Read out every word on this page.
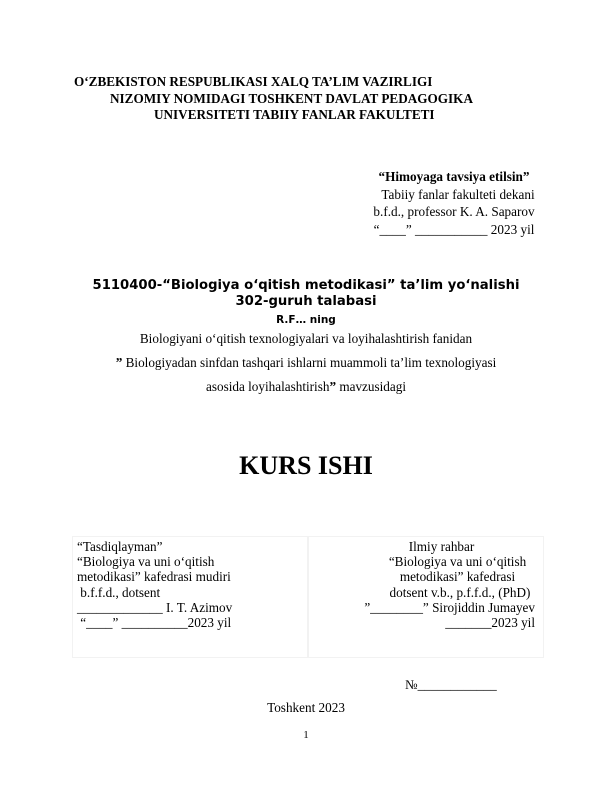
O‘ZBEKISTON RESPUBLIKASI XALQ TA’LIM VAZIRLIGI
NIZOMIY NOMIDAGI TOSHKENT DAVLAT PEDAGOGIKA
UNIVERSITETI TABIIY FANLAR FAKULTETI
“Himoyaga tavsiya etilsin”
Tabiiy fanlar fakulteti dekani
b.f.d., professor K. A. Saparov
“____” ___________ 2023 yil
5110400-“Biologiya o‘qitish metodikasi” ta’lim yo‘nalishi
302-guruh talabasi
R.F… ning
Biologiyani o‘qitish texnologiyalari va loyihalashtirish fanidan
” Biologiyadan sinfdan tashqari ishlarni muammoli ta’lim texnologiyasi
asosida loyihalashtirish” mavzusidagi
KURS ISHI
“Tasdiqlayman”
“Biologiya va uni o‘qitish
metodikasi” kafedrasi mudiri
b.f.f.d., dotsent
_____________ I. T. Azimov
“____” __________2023 yil
Ilmiy rahbar
“Biologiya va uni o‘qitish
metodikasi” kafedrasi
dotsent v.b., p.f.f.d., (PhD)
”________” Sirojiddin Jumayev
_______2023 yil
№____________
Toshkent 2023
1
